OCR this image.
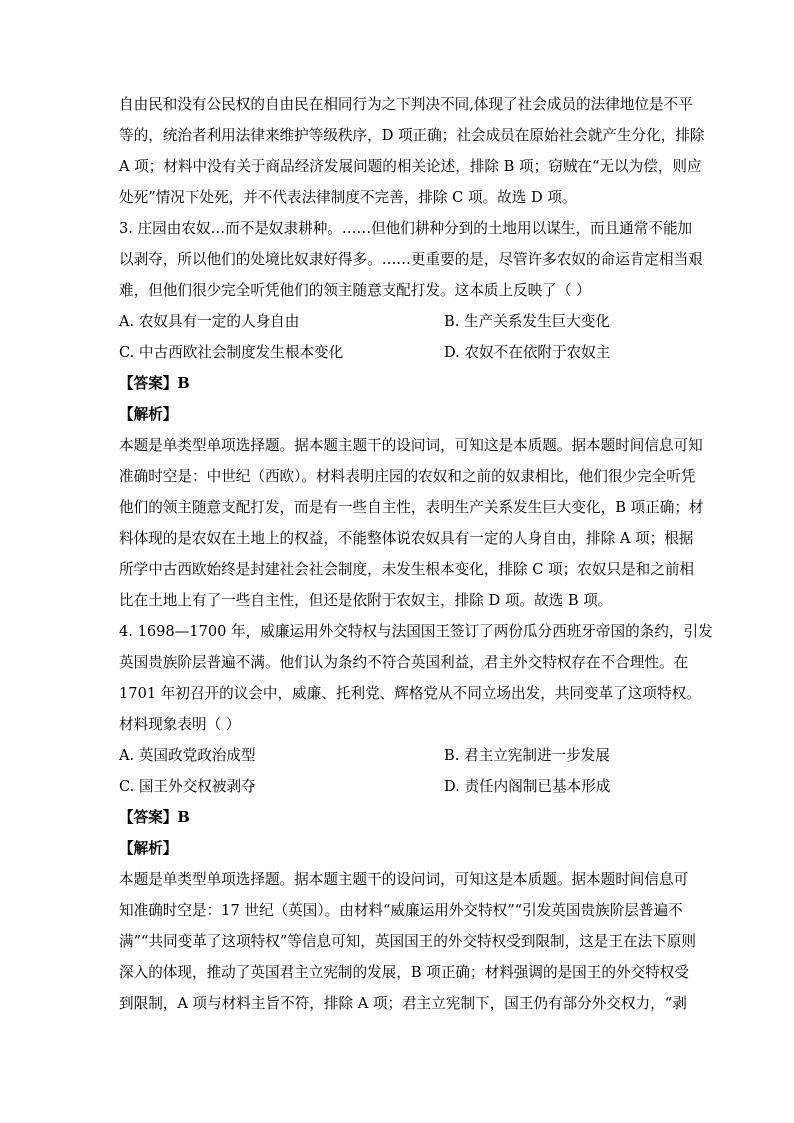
自由民和没有公民权的自由民在相同行为之下判决不同,体现了社会成员的法律地位是不平
等的，统治者利用法律来维护等级秩序，D 项正确；社会成员在原始社会就产生分化，排除
A 项；材料中没有关于商品经济发展问题的相关论述，排除 B 项；窃贼在“无以为偿，则应
处死”情况下处死，并不代表法律制度不完善，排除 C 项。故选 D 项。
3. 庄园由农奴…而不是奴隶耕种。……但他们耕种分到的土地用以谋生，而且通常不能加
以剥夺，所以他们的处境比奴隶好得多。……更重要的是，尽管许多农奴的命运肯定相当艰
难，但他们很少完全听凭他们的领主随意支配打发。这本质上反映了（ ）
A. 农奴具有一定的人身自由	B. 生产关系发生巨大变化
C. 中古西欧社会制度发生根本变化	D. 农奴不在依附于农奴主
【答案】B
【解析】
本题是单类型单项选择题。据本题主题干的设问词，可知这是本质题。据本题时间信息可知
准确时空是：中世纪（西欧）。材料表明庄园的农奴和之前的奴隶相比，他们很少完全听凭
他们的领主随意支配打发，而是有一些自主性，表明生产关系发生巨大变化，B 项正确；材
料体现的是农奴在土地上的权益，不能整体说农奴具有一定的人身自由，排除 A 项；根据
所学中古西欧始终是封建社会社会制度，未发生根本变化，排除 C 项；农奴只是和之前相
比在土地上有了一些自主性，但还是依附于农奴主，排除 D 项。故选 B 项。
4. 1698—1700 年，威廉运用外交特权与法国国王签订了两份瓜分西班牙帝国的条约，引发
英国贵族阶层普遍不满。他们认为条约不符合英国利益，君主外交特权存在不合理性。在
1701 年初召开的议会中，威廉、托利党、辉格党从不同立场出发，共同变革了这项特权。
材料现象表明（ ）
A. 英国政党政治成型	B. 君主立宪制进一步发展
C. 国王外交权被剥夺	D. 责任内阁制已基本形成
【答案】B
【解析】
本题是单类型单项选择题。据本题主题干的设问词，可知这是本质题。据本题时间信息可
知准确时空是：17 世纪（英国）。由材料“威廉运用外交特权”“引发英国贵族阶层普遍不
满”“共同变革了这项特权”等信息可知，英国国王的外交特权受到限制，这是王在法下原则
深入的体现，推动了英国君主立宪制的发展，B 项正确；材料强调的是国王的外交特权受
到限制，A 项与材料主旨不符，排除 A 项；君主立宪制下，国王仍有部分外交权力，“剥
